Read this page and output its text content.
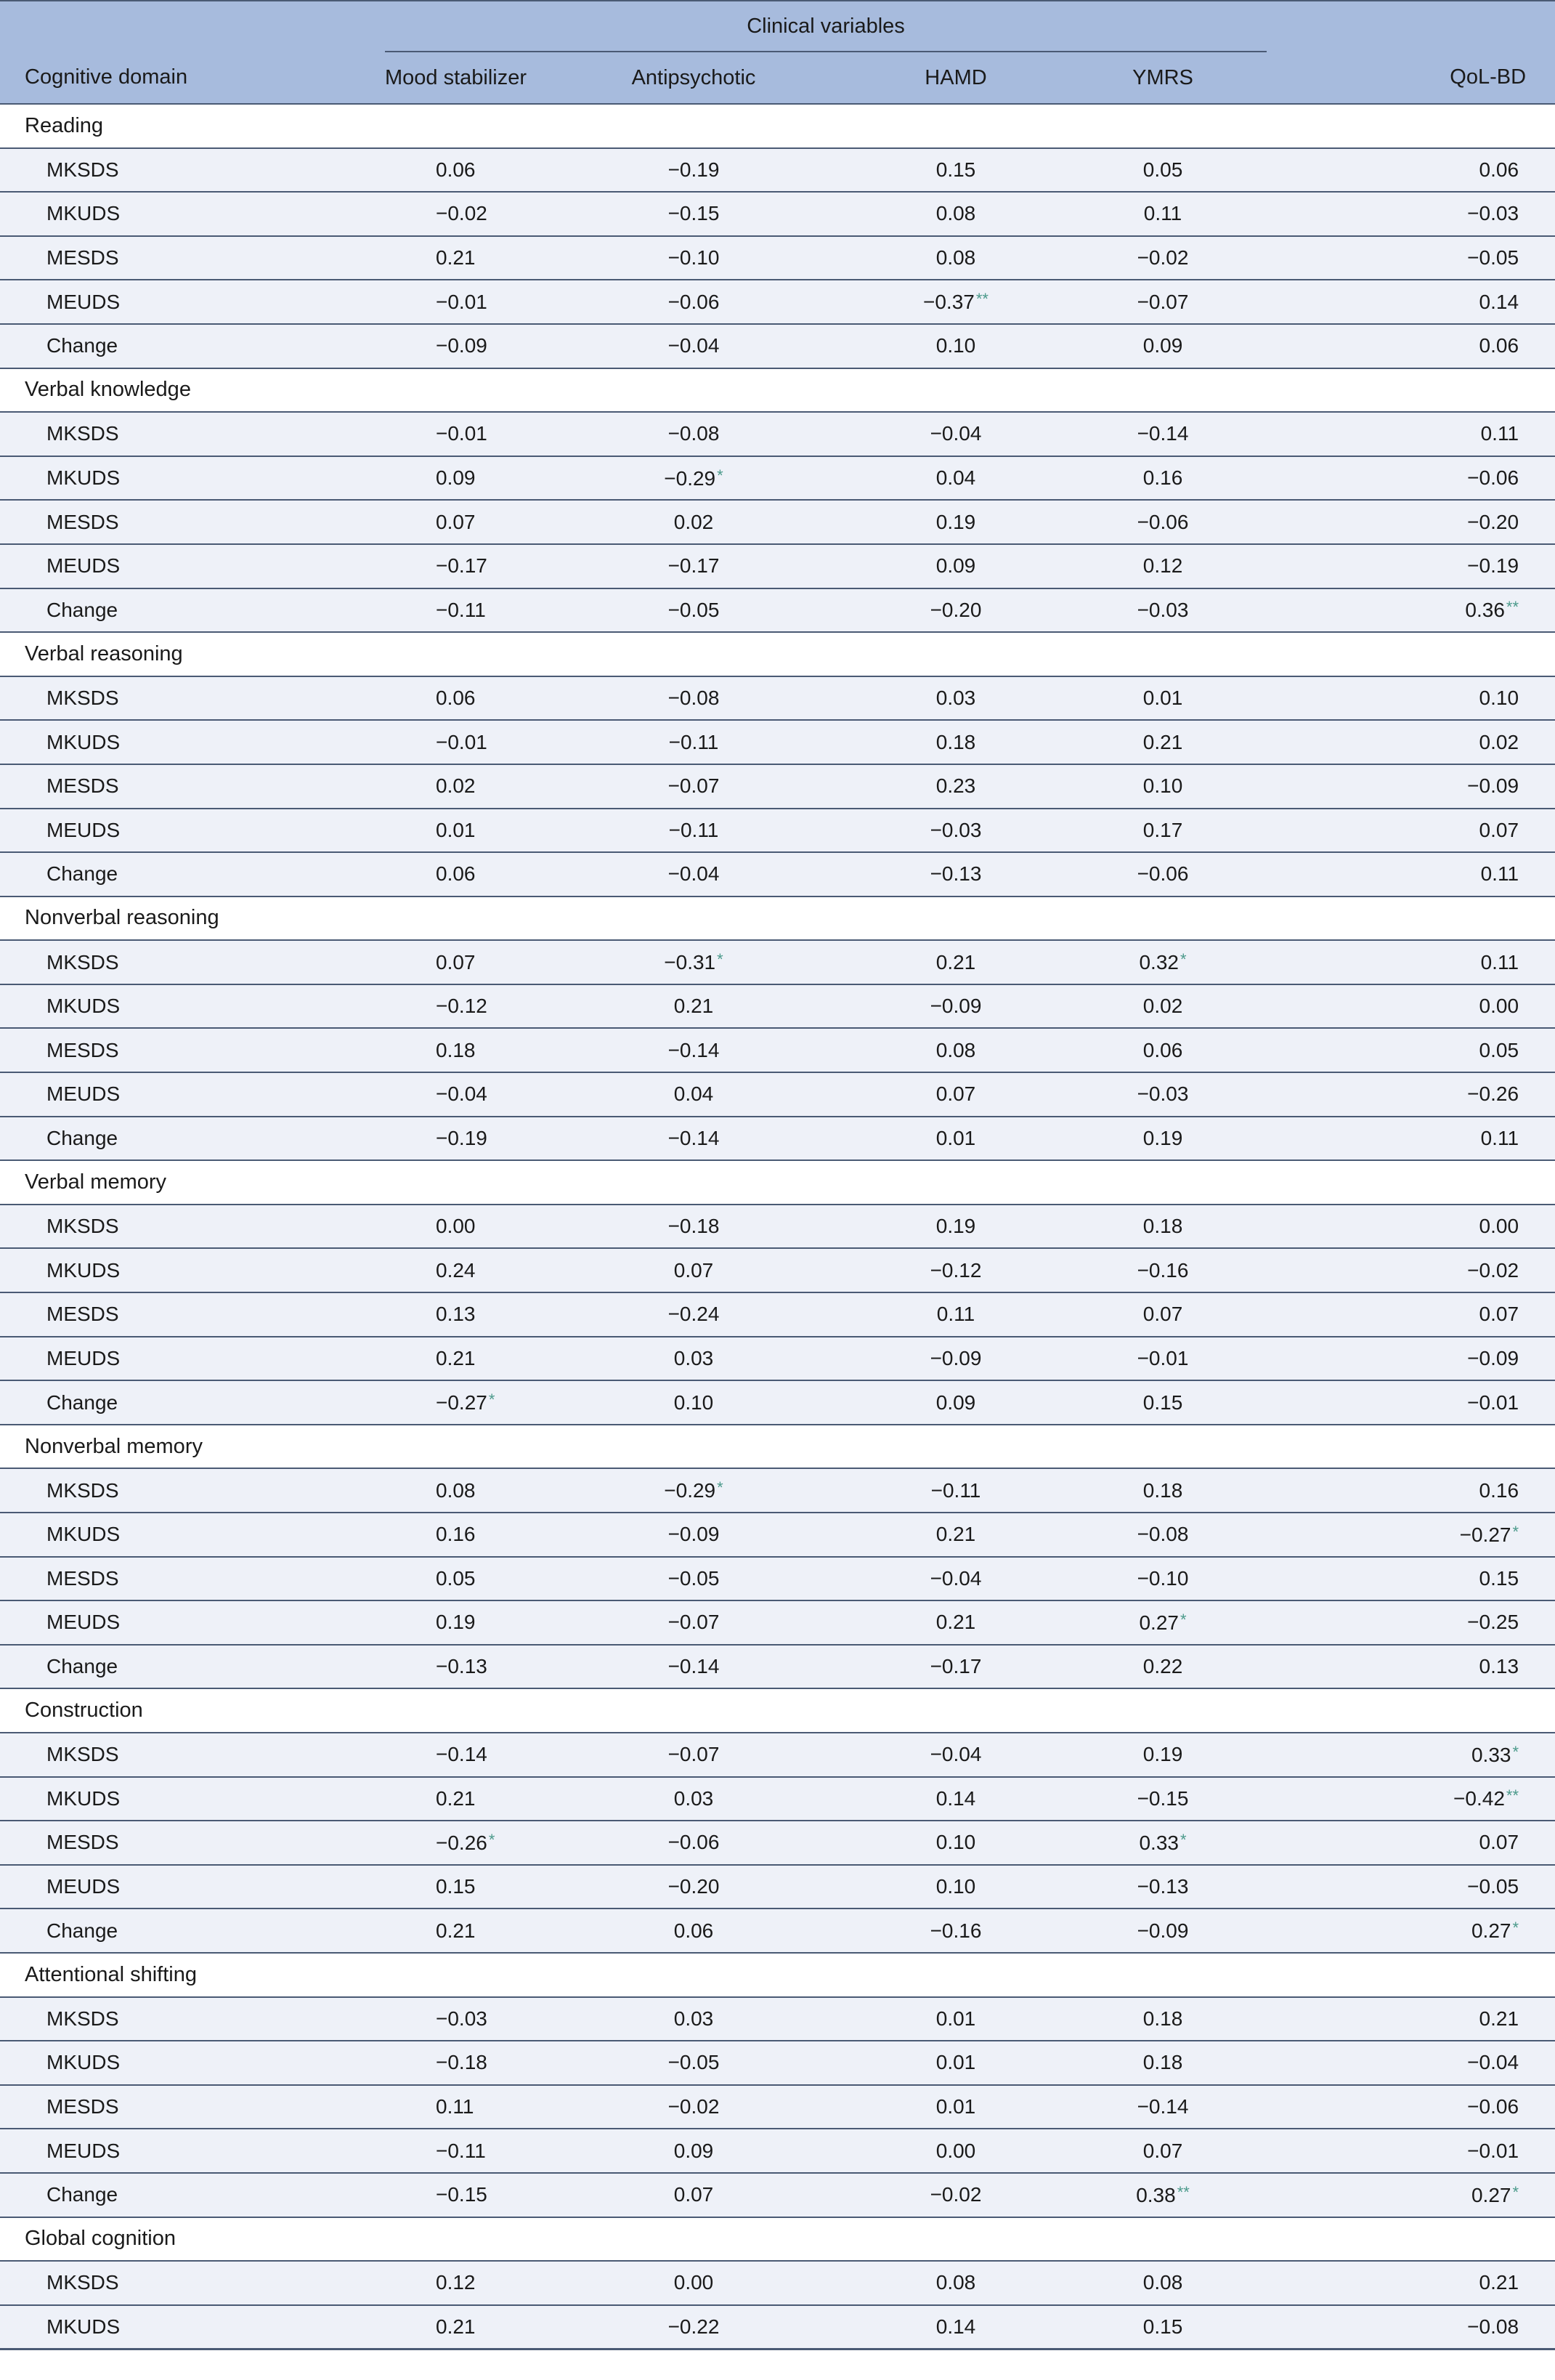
	Clinical variables				
Cognitive domain	Mood stabilizer	Antipsychotic	HAMD	YMRS	QoL-BD
Reading					
MKSDS	0.06	−0.19	0.15	0.05	0.06
MKUDS	−0.02	−0.15	0.08	0.11	−0.03
MESDS	0.21	−0.10	0.08	−0.02	−0.05
MEUDS	−0.01	−0.06	−0.37**	−0.07	0.14
Change	−0.09	−0.04	0.10	0.09	0.06
Verbal knowledge					
MKSDS	−0.01	−0.08	−0.04	−0.14	0.11
MKUDS	0.09	−0.29*	0.04	0.16	−0.06
MESDS	0.07	0.02	0.19	−0.06	−0.20
MEUDS	−0.17	−0.17	0.09	0.12	−0.19
Change	−0.11	−0.05	−0.20	−0.03	0.36**
Verbal reasoning					
MKSDS	0.06	−0.08	0.03	0.01	0.10
MKUDS	−0.01	−0.11	0.18	0.21	0.02
MESDS	0.02	−0.07	0.23	0.10	−0.09
MEUDS	0.01	−0.11	−0.03	0.17	0.07
Change	0.06	−0.04	−0.13	−0.06	0.11
Nonverbal reasoning					
MKSDS	0.07	−0.31*	0.21	0.32*	0.11
MKUDS	−0.12	0.21	−0.09	0.02	0.00
MESDS	0.18	−0.14	0.08	0.06	0.05
MEUDS	−0.04	0.04	0.07	−0.03	−0.26
Change	−0.19	−0.14	0.01	0.19	0.11
Verbal memory					
MKSDS	0.00	−0.18	0.19	0.18	0.00
MKUDS	0.24	0.07	−0.12	−0.16	−0.02
MESDS	0.13	−0.24	0.11	0.07	0.07
MEUDS	0.21	0.03	−0.09	−0.01	−0.09
Change	−0.27*	0.10	0.09	0.15	−0.01
Nonverbal memory					
MKSDS	0.08	−0.29*	−0.11	0.18	0.16
MKUDS	0.16	−0.09	0.21	−0.08	−0.27*
MESDS	0.05	−0.05	−0.04	−0.10	0.15
MEUDS	0.19	−0.07	0.21	0.27*	−0.25
Change	−0.13	−0.14	−0.17	0.22	0.13
Construction					
MKSDS	−0.14	−0.07	−0.04	0.19	0.33*
MKUDS	0.21	0.03	0.14	−0.15	−0.42**
MESDS	−0.26*	−0.06	0.10	0.33*	0.07
MEUDS	0.15	−0.20	0.10	−0.13	−0.05
Change	0.21	0.06	−0.16	−0.09	0.27*
Attentional shifting					
MKSDS	−0.03	0.03	0.01	0.18	0.21
MKUDS	−0.18	−0.05	0.01	0.18	−0.04
MESDS	0.11	−0.02	0.01	−0.14	−0.06
MEUDS	−0.11	0.09	0.00	0.07	−0.01
Change	−0.15	0.07	−0.02	0.38**	0.27*
Global cognition					
MKSDS	0.12	0.00	0.08	0.08	0.21
MKUDS	0.21	−0.22	0.14	0.15	−0.08
